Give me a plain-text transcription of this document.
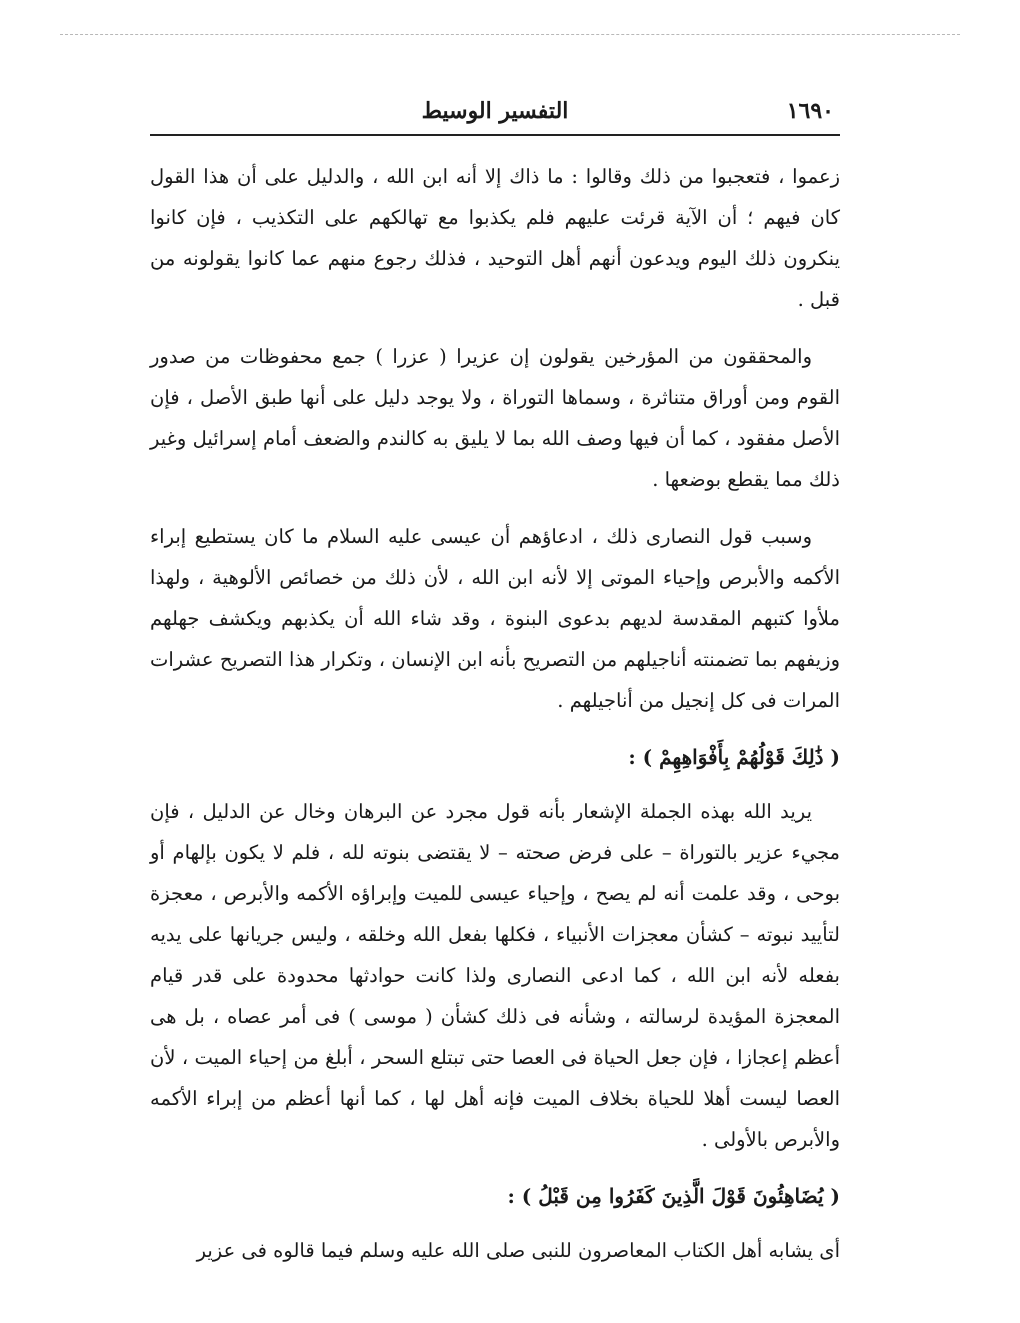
١٦٩٠
التفسير الوسيط

زعموا ، فتعجبوا من ذلك وقالوا : ما ذاك إلا أنه ابن الله ، والدليل على أن هذا القول كان فيهم ؛ أن الآية قرئت عليهم فلم يكذبوا مع تهالكهم على التكذيب ، فإن كانوا ينكرون ذلك اليوم ويدعون أنهم أهل التوحيد ، فذلك رجوع منهم عما كانوا يقولونه من قبل .

والمحققون من المؤرخين يقولون إن عزيرا ( عزرا ) جمع محفوظات من صدور القوم ومن أوراق متناثرة ، وسماها التوراة ، ولا يوجد دليل على أنها طبق الأصل ، فإن الأصل مفقود ، كما أن فيها وصف الله بما لا يليق به كالندم والضعف أمام إسرائيل وغير ذلك مما يقطع بوضعها .

وسبب قول النصارى ذلك ، ادعاؤهم أن عيسى عليه السلام ما كان يستطيع إبراء الأكمه والأبرص وإحياء الموتى إلا لأنه ابن الله ، لأن ذلك من خصائص الألوهية ، ولهذا ملأوا كتبهم المقدسة لديهم بدعوى البنوة ، وقد شاء الله أن يكذبهم ويكشف جهلهم وزيفهم بما تضمنته أناجيلهم من التصريح بأنه ابن الإنسان ، وتكرار هذا التصريح عشرات المرات فى كل إنجيل من أناجيلهم .

( ذَٰلِكَ قَوْلُهُمْ بِأَفْوَاهِهِمْ ) :

يريد الله بهذه الجملة الإشعار بأنه قول مجرد عن البرهان وخال عن الدليل ، فإن مجيء عزير بالتوراة – على فرض صحته – لا يقتضى بنوته لله ، فلم لا يكون بإلهام أو بوحى ، وقد علمت أنه لم يصح ، وإحياء عيسى للميت وإبراؤه الأكمه والأبرص ، معجزة لتأييد نبوته – كشأن معجزات الأنبياء ، فكلها بفعل الله وخلقه ، وليس جريانها على يديه بفعله لأنه ابن الله ، كما ادعى النصارى ولذا كانت حوادثها محدودة على قدر قيام المعجزة المؤيدة لرسالته ، وشأنه فى ذلك كشأن ( موسى ) فى أمر عصاه ، بل هى أعظم إعجازا ، فإن جعل الحياة فى العصا حتى تبتلع السحر ، أبلغ من إحياء الميت ، لأن العصا ليست أهلا للحياة بخلاف الميت فإنه أهل لها ، كما أنها أعظم من إبراء الأكمه والأبرص بالأولى .

( يُضَاهِئُونَ قَوْلَ الَّذِينَ كَفَرُوا مِن قَبْلُ ) :

أى يشابه أهل الكتاب المعاصرون للنبى صلى الله عليه وسلم فيما قالوه فى عزير
